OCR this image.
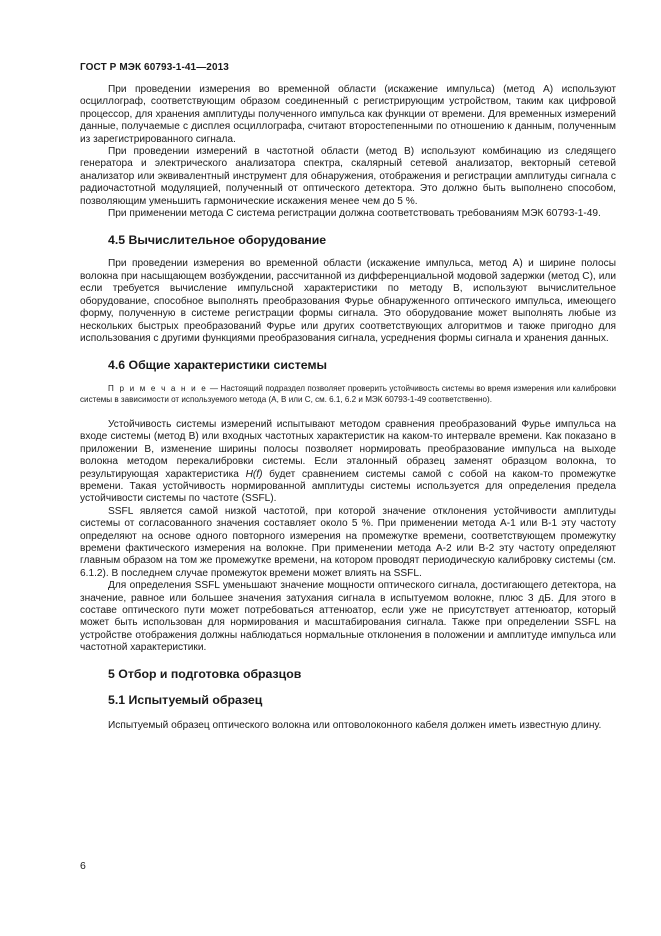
ГОСТ Р МЭК 60793-1-41—2013

При проведении измерения во временной области (искажение импульса) (метод А) используют осциллограф, соответствующим образом соединенный с регистрирующим устройством, таким как цифровой процессор, для хранения амплитуды полученного импульса как функции от времени. Для временных измерений данные, получаемые с дисплея осциллографа, считают второстепенными по отношению к данным, полученным из зарегистрированного сигнала.

При проведении измерений в частотной области (метод В) используют комбинацию из следящего генератора и электрического анализатора спектра, скалярный сетевой анализатор, векторный сетевой анализатор или эквивалентный инструмент для обнаружения, отображения и регистрации амплитуды сигнала с радиочастотной модуляцией, полученный от оптического детектора. Это должно быть выполнено способом, позволяющим уменьшить гармонические искажения менее чем до 5 %.

При применении метода С система регистрации должна соответствовать требованиям МЭК 60793-1-49.

4.5 Вычислительное оборудование

При проведении измерения во временной области (искажение импульса, метод А) и ширине полосы волокна при насыщающем возбуждении, рассчитанной из дифференциальной модовой задержки (метод С), или если требуется вычисление импульсной характеристики по методу В, используют вычислительное оборудование, способное выполнять преобразования Фурье обнаруженного оптического импульса, имеющего форму, полученную в системе регистрации формы сигнала. Это оборудование может выполнять любые из нескольких быстрых преобразований Фурье или других соответствующих алгоритмов и также пригодно для использования с другими функциями преобразования сигнала, усреднения формы сигнала и хранения данных.

4.6 Общие характеристики системы

П р и м е ч а н и е — Настоящий подраздел позволяет проверить устойчивость системы во время измерения или калибровки системы в зависимости от используемого метода (А, В или С, см. 6.1, 6.2 и МЭК 60793-1-49 соответственно).

Устойчивость системы измерений испытывают методом сравнения преобразований Фурье импульса на входе системы (метод В) или входных частотных характеристик на каком-то интервале времени. Как показано в приложении В, изменение ширины полосы позволяет нормировать преобразование импульса на выходе волокна методом перекалибровки системы. Если эталонный образец заменят образцом волокна, то результирующая характеристика H(f) будет сравнением системы самой с собой на каком-то промежутке времени. Такая устойчивость нормированной амплитуды системы используется для определения предела устойчивости системы по частоте (SSFL).

SSFL является самой низкой частотой, при которой значение отклонения устойчивости амплитуды системы от согласованного значения составляет около 5 %. При применении метода А-1 или В-1 эту частоту определяют на основе одного повторного измерения на промежутке времени, соответствующем промежутку времени фактического измерения на волокне. При применении метода А-2 или В-2 эту частоту определяют главным образом на том же промежутке времени, на котором проводят периодическую калибровку системы (см. 6.1.2). В последнем случае промежуток времени может влиять на SSFL.

Для определения SSFL уменьшают значение мощности оптического сигнала, достигающего детектора, на значение, равное или большее значения затухания сигнала в испытуемом волокне, плюс 3 дБ. Для этого в составе оптического пути может потребоваться аттенюатор, если уже не присутствует аттенюатор, который может быть использован для нормирования и масштабирования сигнала. Также при определении SSFL на устройстве отображения должны наблюдаться нормальные отклонения в положении и амплитуде импульса или частотной характеристики.

5 Отбор и подготовка образцов
5.1 Испытуемый образец

Испытуемый образец оптического волокна или оптоволоконного кабеля должен иметь известную длину.

6
